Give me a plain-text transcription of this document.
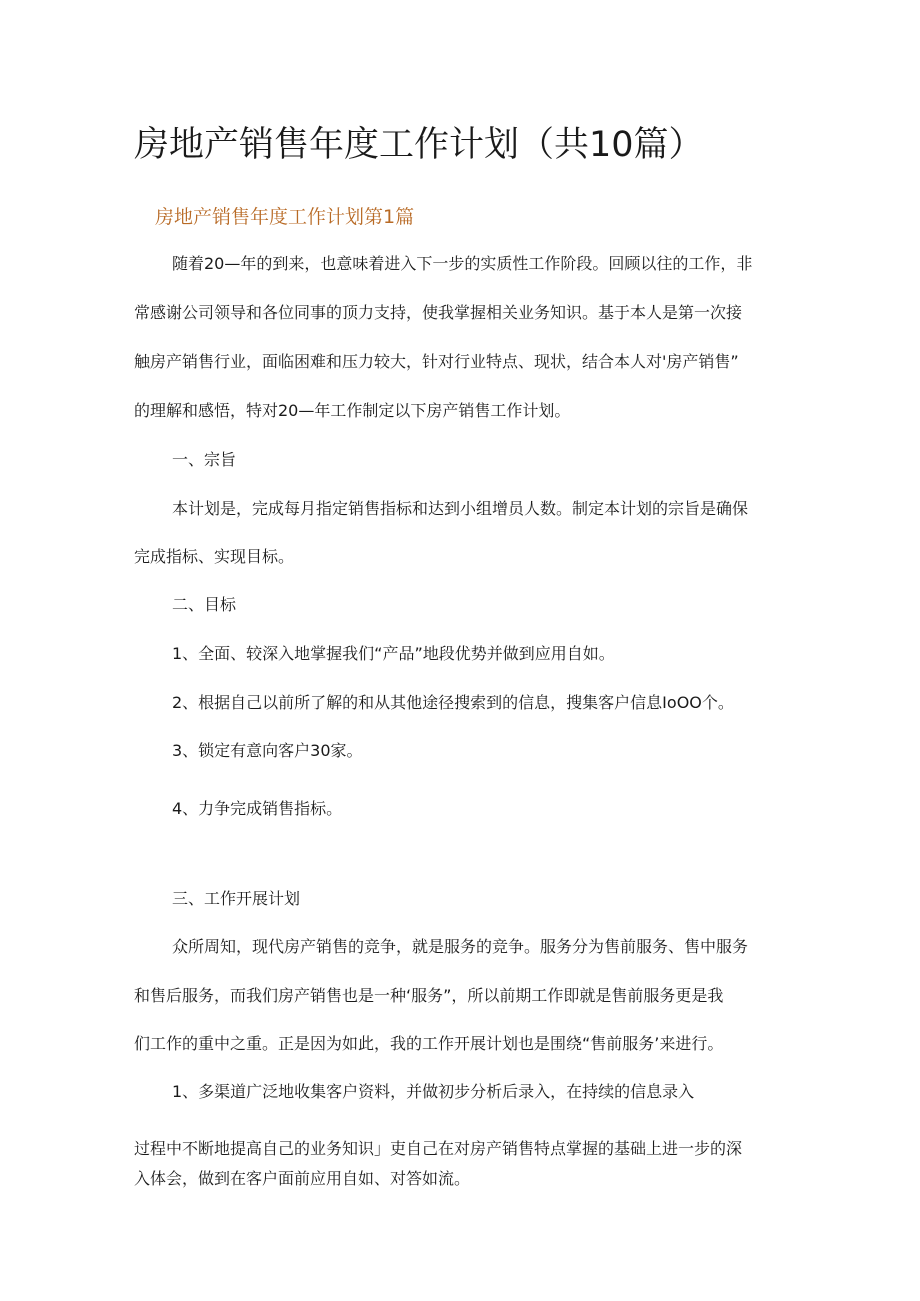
房地产销售年度工作计划（共10篇）
房地产销售年度工作计划第1篇

随着20—年的到来，也意味着进入下一步的实质性工作阶段。回顾以往的工作，非

常感谢公司领导和各位同事的顶力支持，使我掌握相关业务知识。基于本人是第一次接

触房产销售行业，面临困难和压力较大，针对行业特点、现状，结合本人对'房产销售”

的理解和感悟，特对20—年工作制定以下房产销售工作计划。

一、宗旨

本计划是，完成每月指定销售指标和达到小组增员人数。制定本计划的宗旨是确保

完成指标、实现目标。

二、目标

1、全面、较深入地掌握我们“产品”地段优势并做到应用自如。

2、根据自己以前所了解的和从其他途径搜索到的信息，搜集客户信息IoOO个。

3、锁定有意向客户30家。

4、力争完成销售指标。

三、工作开展计划

众所周知，现代房产销售的竞争，就是服务的竞争。服务分为售前服务、售中服务

和售后服务，而我们房产销售也是一种‘服务”，所以前期工作即就是售前服务更是我

们工作的重中之重。正是因为如此，我的工作开展计划也是围绕“售前服务’来进行。

1、多渠道广泛地收集客户资料，并做初步分析后录入，在持续的信息录入

过程中不断地提高自己的业务知识」吏自己在对房产销售特点掌握的基础上进一步的深

入体会，做到在客户面前应用自如、对答如流。
